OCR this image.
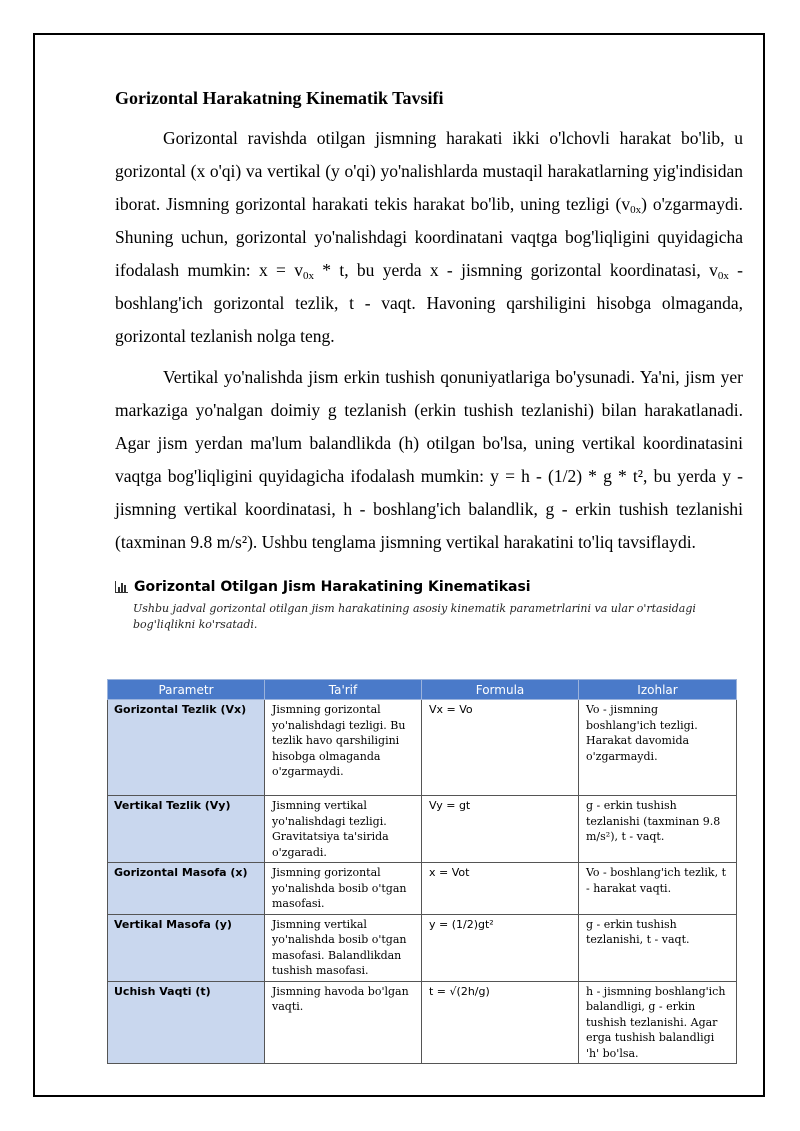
Gorizontal Harakatning Kinematik Tavsifi

Gorizontal ravishda otilgan jismning harakati ikki o'lchovli harakat bo'lib, u gorizontal (x o'qi) va vertikal (y o'qi) yo'nalishlarda mustaqil harakatlarning yig'indisidan iborat. Jismning gorizontal harakati tekis harakat bo'lib, uning tezligi $(v_{0x})$ o'zgarmaydi. Shuning uchun, gorizontal yo'nalishdagi koordinatani vaqtga bog'liqligini quyidagicha ifodalash mumkin: $x = v_{0x} * t$, bu yerda x - jismning gorizontal koordinatasi, $v_{0x}$ - boshlang'ich gorizontal tezlik, t - vaqt. Havoning qarshiligini hisobga olmaganda, gorizontal tezlanish nolga teng.

Vertikal yo'nalishda jism erkin tushish qonuniyatlariga bo'ysunadi. Ya'ni, jism yer markaziga yo'nalgan doimiy g tezlanish (erkin tushish tezlanishi) bilan harakatlanadi. Agar jism yerdan ma'lum balandlikda (h) otilgan bo'lsa, uning vertikal koordinatasini vaqtga bog'liqligini quyidagicha ifodalash mumkin: y = h - (1/2) * g * t², bu yerda y - jismning vertikal koordinatasi, h - boshlang'ich balandlik, g - erkin tushish tezlanishi (taxminan 9.8 m/s²). Ushbu tenglama jismning vertikal harakatini to'liq tavsiflaydi.

Gorizontal Otilgan Jism Harakatining Kinematikasi
Ushbu jadval gorizontal otilgan jism harakatining asosiy kinematik parametrlarini va ular o'rtasidagi bog'liqlikni ko'rsatadi.
Parametr	Ta'rif	Formula	Izohlar
Gorizontal Tezlik (Vx)	Jismning gorizontal yo'nalishdagi tezligi. Bu tezlik havo qarshiligini hisobga olmaganda o'zgarmaydi.	Vx = Vo	Vo - jismning boshlang'ich tezligi. Harakat davomida o'zgarmaydi.
Vertikal Tezlik (Vy)	Jismning vertikal yo'nalishdagi tezligi. Gravitatsiya ta'sirida o'zgaradi.	Vy = gt	g - erkin tushish tezlanishi (taxminan 9.8 m/s²), t - vaqt.
Gorizontal Masofa (x)	Jismning gorizontal yo'nalishda bosib o'tgan masofasi.	x = Vot	Vo - boshlang'ich tezlik, t - harakat vaqti.
Vertikal Masofa (y)	Jismning vertikal yo'nalishda bosib o'tgan masofasi. Balandlikdan tushish masofasi.	y = (1/2)gt²	g - erkin tushish tezlanishi, t - vaqt.
Uchish Vaqti (t)	Jismning havoda bo'lgan vaqti.	t = √(2h/g)	h - jismning boshlang'ich balandligi, g - erkin tushish tezlanishi. Agar erga tushish balandligi 'h' bo'lsa.
